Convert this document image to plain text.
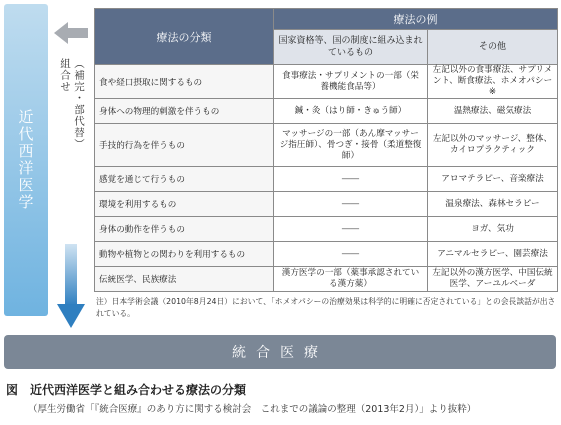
近代西洋医学
組合せ （補完・部代替）
療法の分類	療法の例	
	国家資格等、国の制度に組み込まれているもの	その他
食や経口摂取に関するもの	食事療法・サプリメントの一部（栄養機能食品等）	左記以外の食事療法、サプリメント、断食療法、ホメオパシー※
身体への物理的刺激を伴うもの	鍼・灸（はり師・きゅう師）	温熱療法、磁気療法
手技的行為を伴うもの	マッサージの一部（あん摩マッサージ指圧師）、骨つぎ・接骨（柔道整復師）	左記以外のマッサージ、整体、カイロプラクティック
感覚を通じて行うもの	――	アロマテラピー、音楽療法
環境を利用するもの	――	温泉療法、森林セラピー
身体の動作を伴うもの	――	ヨガ、気功
動物や植物との関わりを利用するもの	――	アニマルセラピー、園芸療法
伝統医学、民族療法	漢方医学の一部（薬事承認されている漢方薬）	左記以外の漢方医学、中国伝統医学、アーユルベーダ
注）日本学術会議（2010年8月24日）において、「ホメオパシーの治療効果は科学的に明確に否定されている」との会長談話が出されている。
統合医療
図　近代西洋医学と組み合わせる療法の分類
（厚生労働省「『統合医療』のあり方に関する検討会　これまでの議論の整理（2013年2月）」より抜粋）
